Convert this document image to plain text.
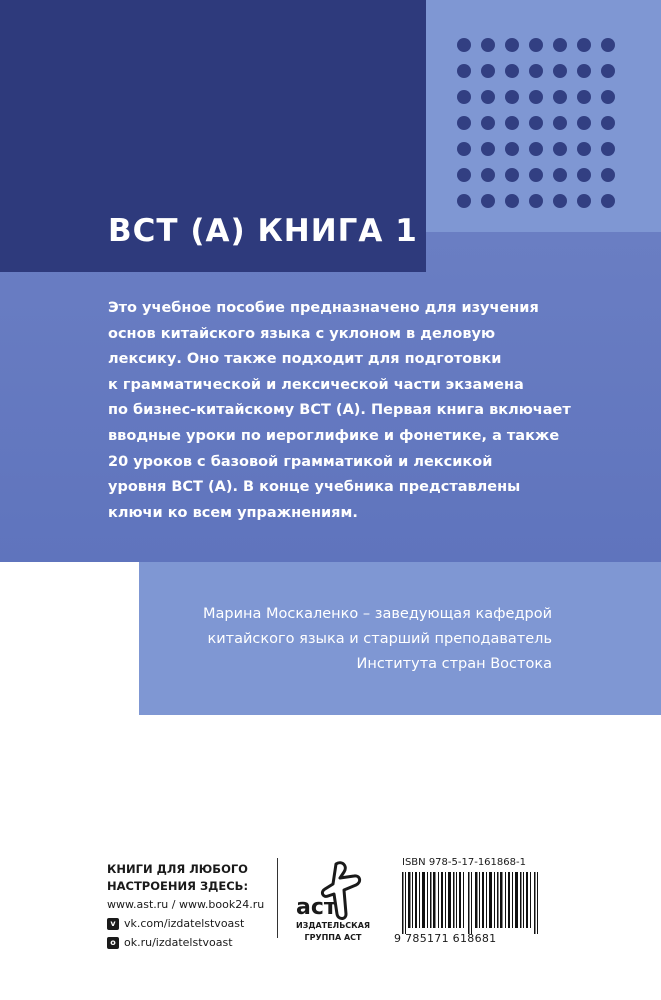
BCT (А) КНИГА 1
Это учебное пособие предназначено для изучения
основ китайского языка с уклоном в деловую
лексику. Оно также подходит для подготовки
к грамматической и лексической части экзамена
по бизнес-китайскому BCT (А). Первая книга включает
вводные уроки по иероглифике и фонетике, а также
20 уроков с базовой грамматикой и лексикой
уровня BCT (А). В конце учебника представлены
ключи ко всем упражнениям.
Марина Москаленко – заведующая кафедрой
китайского языка и старший преподаватель
Института стран Востока
КНИГИ ДЛЯ ЛЮБОГО
НАСТРОЕНИЯ ЗДЕСЬ:
www.ast.ru / www.book24.ru
v vk.com/izdatelstvoast
o ok.ru/izdatelstvoast
аст
ИЗДАТЕЛЬСКАЯ
ГРУППА АСТ
ISBN 978-5-17-161868-1
9 785171 618681
